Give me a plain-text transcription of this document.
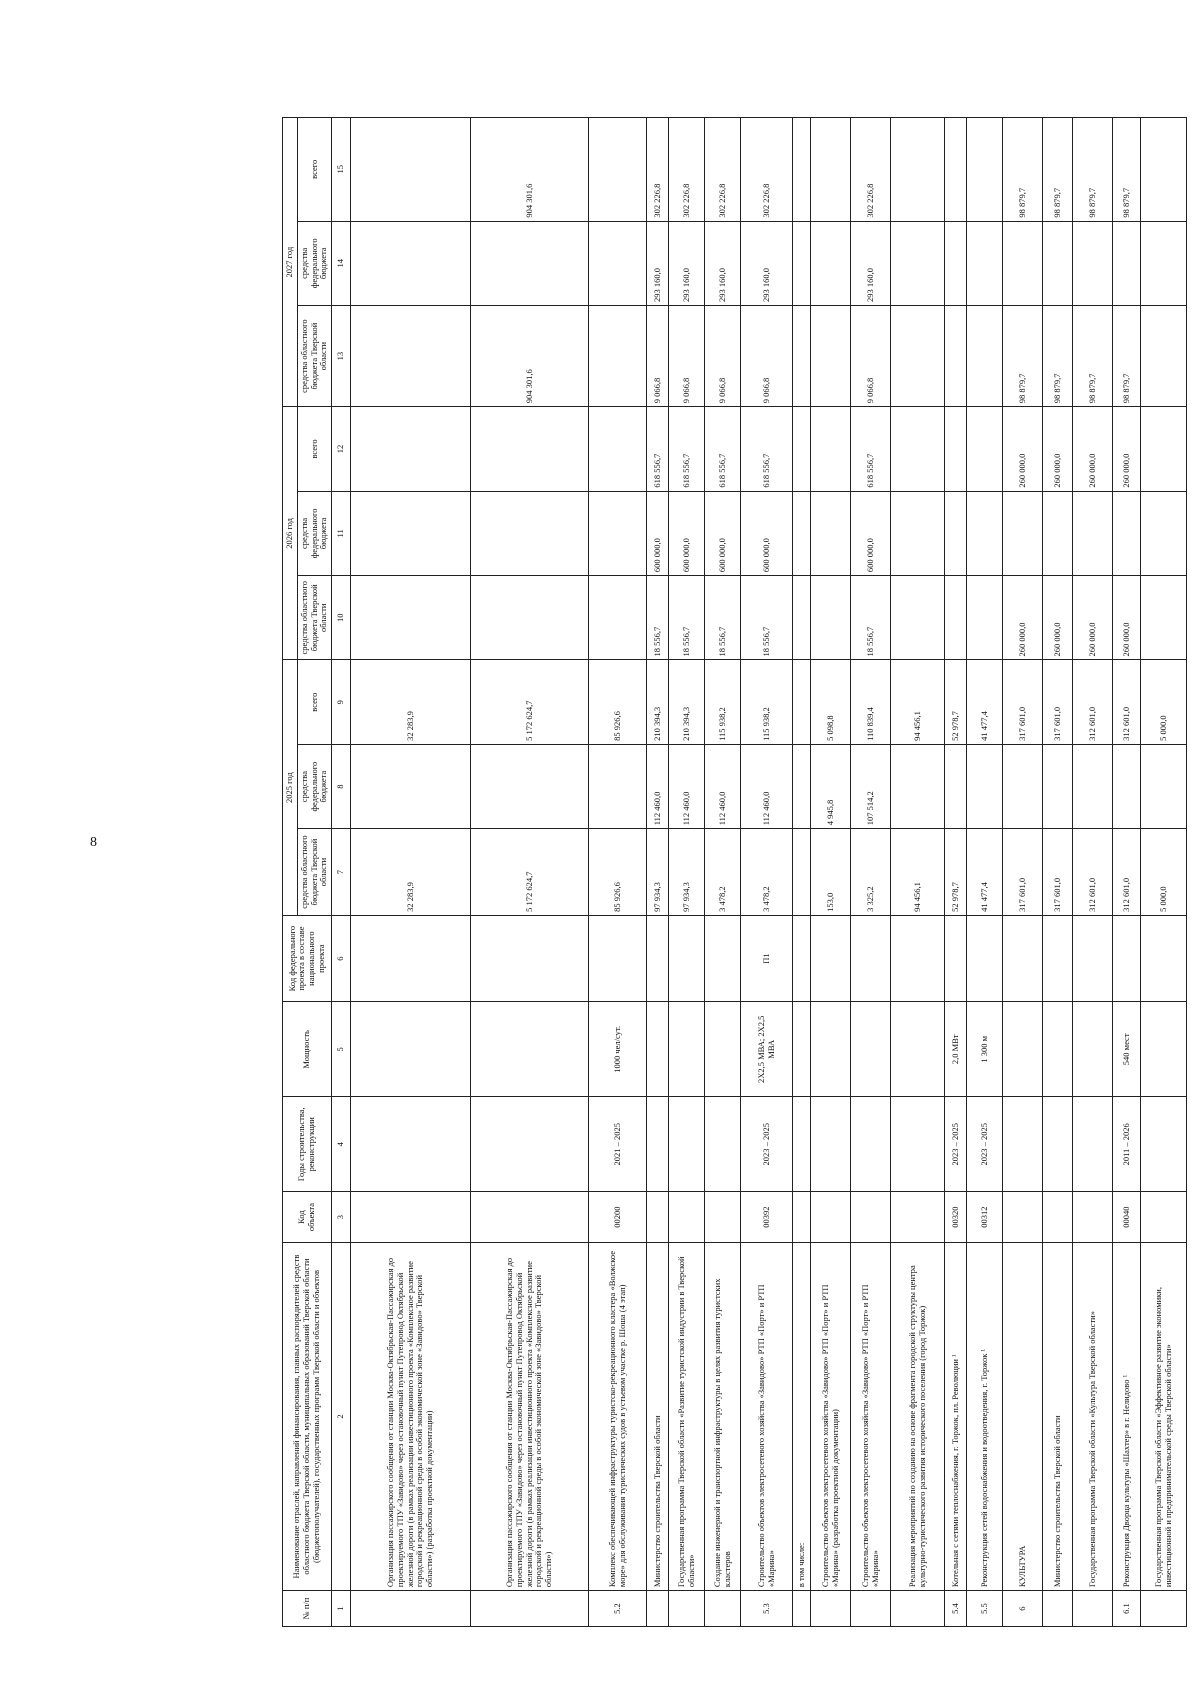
8
№ п/п	Наименование отраслей, направлений финансирования, главных распорядителей средств областного бюджета Тверской области, муниципальных образований Тверской области (бюджетополучателей), государственных программ Тверской области и объектов	Код объекта	Годы строительства, реконструкции	Мощность	Код федерального проекта в составе национального проекта	2025 год			2026 год			2027 год		
						средства областного бюджета Тверской области	средства федерального бюджета	всего	средства областного бюджета Тверской области	средства федерального бюджета	всего	средства областного бюджета Тверской области	средства федерального бюджета	всего
1	2	3	4	5	6	7	8	9	10	11	12	13	14	15
	Организация пассажирского сообщения от станции Москва-Октябрьская-Пассажирская до проектируемого ТПУ «Завидово» через остановочный пункт Путепровод Октябрьской железной дороги (в рамках реализации инвестиционного проекта «Комплексное развитие городской и рекреационной среды в особой экономической зоне «Завидово» Тверской области») (разработка проектной документации)					32 283,9		32 283,9						
	Организация пассажирского сообщения от станции Москва-Октябрьская-Пассажирская до проектируемого ТПУ «Завидово» через остановочный пункт Путепровод Октябрьской железной дороги (в рамках реализации инвестиционного проекта «Комплексное развитие городской и рекреационной среды в особой экономической зоне «Завидово» Тверской области»)					5 172 624,7		5 172 624,7				904 301,6		904 301,6
5.2	Комплекс обеспечивающей инфраструктуры туристско-рекреационного кластера «Волжское море» для обслуживания туристических судов в устьевом участке р. Шоша (4 этап)	00200	2021 – 2025	1000 чел/сут.		85 926,6		85 926,6						
	Министерство строительства Тверской области					97 934,3	112 460,0	210 394,3	18 556,7	600 000,0	618 556,7	9 066,8	293 160,0	302 226,8
	Государственная программа Тверской области «Развитие туристской индустрии в Тверской области»					97 934,3	112 460,0	210 394,3	18 556,7	600 000,0	618 556,7	9 066,8	293 160,0	302 226,8
	Создание инженерной и транспортной инфраструктуры в целях развития туристских кластеров					3 478,2	112 460,0	115 938,2	18 556,7	600 000,0	618 556,7	9 066,8	293 160,0	302 226,8
5.3	Строительство объектов электросетевого хозяйства «Завидово» РТП «Порт» и РТП «Марина»	00392	2023 – 2025	2Х2,5 МВА; 2Х2,5 МВА	П1	3 478,2	112 460,0	115 938,2	18 556,7	600 000,0	618 556,7	9 066,8	293 160,0	302 226,8
	в том числе:													
	Строительство объектов электросетевого хозяйства «Завидово» РТП «Порт» и РТП «Марина» (разработка проектной документации)					153,0	4 945,8	5 098,8						
	Строительство объектов электросетевого хозяйства «Завидово» РТП «Порт» и РТП «Марина»					3 325,2	107 514,2	110 839,4	18 556,7	600 000,0	618 556,7	9 066,8	293 160,0	302 226,8
	Реализация мероприятий по созданию на основе фрагмента городской структуры центра культурно-туристического развития исторического поселения (город Торжок)					94 456,1		94 456,1						
5.4	Котельная с сетями теплоснабжения, г. Торжок, пл. Революции ¹	00320	2023 – 2025	2,0 МВт		52 978,7		52 978,7						
5.5	Реконструкция сетей водоснабжения и водоотведения, г. Торжок ¹	00312	2023 – 2025	1 300 м		41 477,4		41 477,4						
6	КУЛЬТУРА					317 601,0		317 601,0	260 000,0		260 000,0	98 879,7		98 879,7
	Министерство строительства Тверской области					317 601,0		317 601,0	260 000,0		260 000,0	98 879,7		98 879,7
	Государственная программа Тверской области «Культура Тверской области»					312 601,0		312 601,0	260 000,0		260 000,0	98 879,7		98 879,7
6.1	Реконструкция Дворца культуры «Шахтер» в г. Нелидово ¹	00040	2011 – 2026	540 мест		312 601,0		312 601,0	260 000,0		260 000,0	98 879,7		98 879,7
	Государственная программа Тверской области «Эффективное развитие экономики, инвестиционной и предпринимательской среды Тверской области»					5 000,0		5 000,0						
